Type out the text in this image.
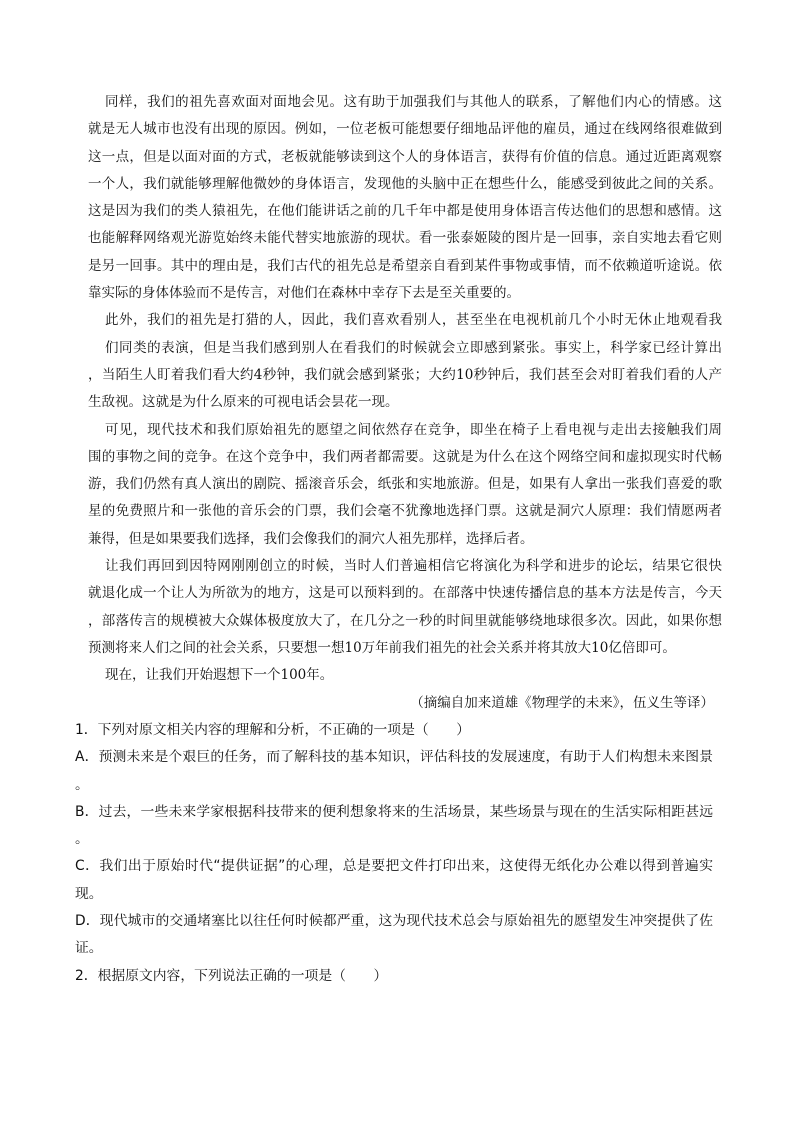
同样，我们的祖先喜欢面对面地会见。这有助于加强我们与其他人的联系，了解他们内心的情感。这
就是无人城市也没有出现的原因。例如，一位老板可能想要仔细地品评他的雇员，通过在线网络很难做到
这一点，但是以面对面的方式，老板就能够读到这个人的身体语言，获得有价值的信息。通过近距离观察
一个人，我们就能够理解他微妙的身体语言，发现他的头脑中正在想些什么，能感受到彼此之间的关系。
这是因为我们的类人猿祖先，在他们能讲话之前的几千年中都是使用身体语言传达他们的思想和感情。这
也能解释网络观光游览始终未能代替实地旅游的现状。看一张泰姬陵的图片是一回事，亲自实地去看它则
是另一回事。其中的理由是，我们古代的祖先总是希望亲自看到某件事物或事情，而不依赖道听途说。依
靠实际的身体体验而不是传言，对他们在森林中幸存下去是至关重要的。
此外，我们的祖先是打猎的人，因此，我们喜欢看别人，甚至坐在电视机前几个小时无休止地观看我
们同类的表演，但是当我们感到别人在看我们的时候就会立即感到紧张。事实上，科学家已经计算出
，当陌生人盯着我们看大约4秒钟，我们就会感到紧张；大约10秒钟后，我们甚至会对盯着我们看的人产
生敌视。这就是为什么原来的可视电话会昙花一现。
可见，现代技术和我们原始祖先的愿望之间依然存在竞争，即坐在椅子上看电视与走出去接触我们周
围的事物之间的竞争。在这个竞争中，我们两者都需要。这就是为什么在这个网络空间和虚拟现实时代畅
游，我们仍然有真人演出的剧院、摇滚音乐会，纸张和实地旅游。但是，如果有人拿出一张我们喜爱的歌
星的免费照片和一张他的音乐会的门票，我们会毫不犹豫地选择门票。这就是洞穴人原理：我们情愿两者
兼得，但是如果要我们选择，我们会像我们的洞穴人祖先那样，选择后者。
让我们再回到因特网刚刚创立的时候，当时人们普遍相信它将演化为科学和进步的论坛，结果它很快
就退化成一个让人为所欲为的地方，这是可以预料到的。在部落中快速传播信息的基本方法是传言，今天
，部落传言的规模被大众媒体极度放大了，在几分之一秒的时间里就能够绕地球很多次。因此，如果你想
预测将来人们之间的社会关系，只要想一想10万年前我们祖先的社会关系并将其放大10亿倍即可。
现在，让我们开始遐想下一个100年。
（摘编自加来道雄《物理学的未来》，伍义生等译）
1．下列对原文相关内容的理解和分析，不正确的一项是（　　）
A．预测未来是个艰巨的任务，而了解科技的基本知识，评估科技的发展速度，有助于人们构想未来图景
。
B．过去，一些未来学家根据科技带来的便利想象将来的生活场景，某些场景与现在的生活实际相距甚远
。
C．我们出于原始时代“提供证据”的心理，总是要把文件打印出来，这使得无纸化办公难以得到普遍实
现。
D．现代城市的交通堵塞比以往任何时候都严重，这为现代技术总会与原始祖先的愿望发生冲突提供了佐
证。
2．根据原文内容，下列说法正确的一项是（　　）
